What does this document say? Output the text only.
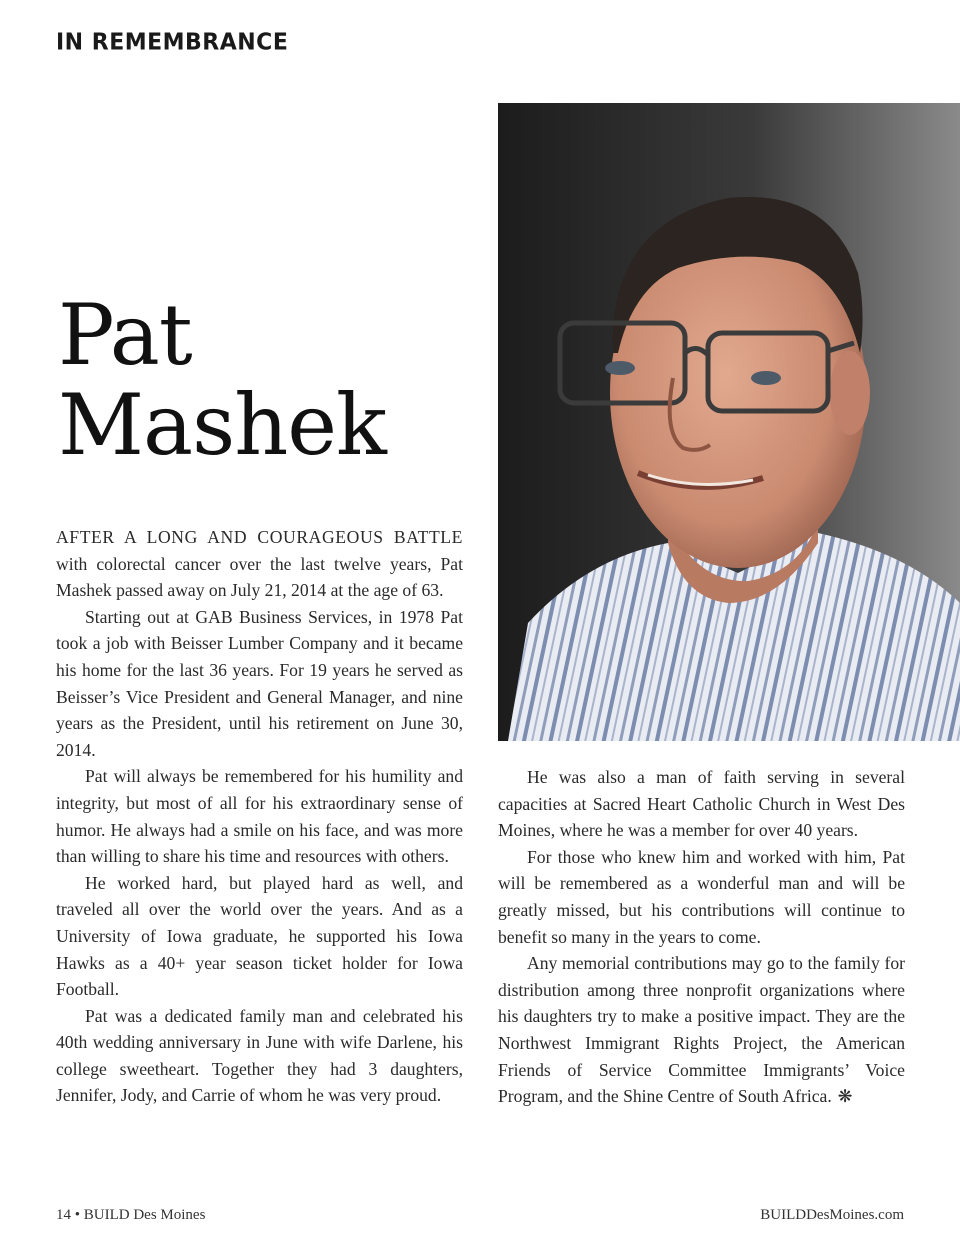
IN REMEMBRANCE
Pat
Mashek

AFTER A LONG AND COURAGEOUS BATTLE with colorectal cancer over the last twelve years, Pat Mashek passed away on July 21, 2014 at the age of 63.

Starting out at GAB Business Services, in 1978 Pat took a job with Beisser Lumber Company and it became his home for the last 36 years. For 19 years he served as Beisser’s Vice President and General Manager, and nine years as the President, until his retirement on June 30, 2014.

Pat will always be remembered for his humility and integrity, but most of all for his extraordinary sense of humor. He always had a smile on his face, and was more than willing to share his time and resources with others.

He worked hard, but played hard as well, and traveled all over the world over the years. And as a University of Iowa graduate, he supported his Iowa Hawks as a 40+ year season ticket holder for Iowa Football.

Pat was a dedicated family man and celebrated his 40th wedding anniversary in June with wife Darlene, his college sweetheart. Together they had 3 daughters, Jennifer, Jody, and Carrie of whom he was very proud.

He was also a man of faith serving in several capacities at Sacred Heart Catholic Church in West Des Moines, where he was a member for over 40 years.

For those who knew him and worked with him, Pat will be remembered as a wonderful man and will be greatly missed, but his contributions will continue to benefit so many in the years to come.

Any memorial contributions may go to the family for distribution among three nonprofit organizations where his daughters try to make a positive impact. They are the Northwest Immigrant Rights Project, the American Friends of Service Committee Immigrants’ Voice Program, and the Shine Centre of South Africa. ❋

14 • BUILD Des Moines	BUILDDesMoines.com
